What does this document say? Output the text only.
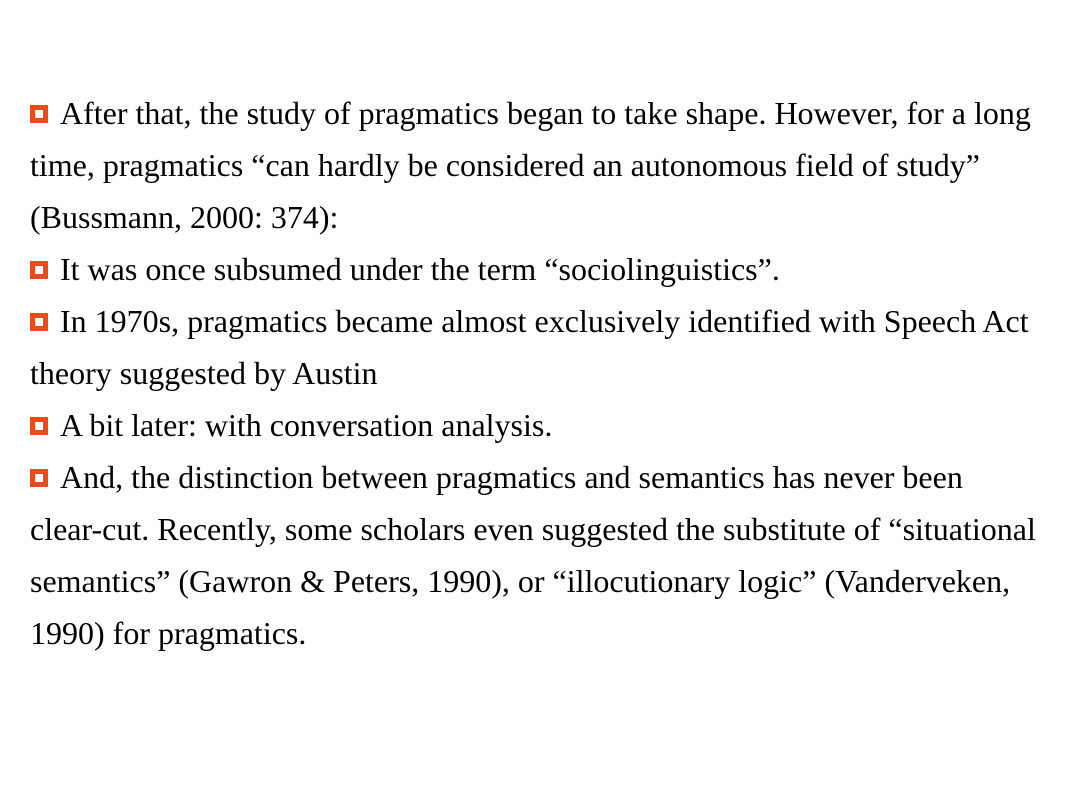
After that, the study of pragmatics began to take shape. However, for a long time, pragmatics “can hardly be considered an autonomous field of study” (Bussmann, 2000: 374):

It was once subsumed under the term “sociolinguistics”.

In 1970s, pragmatics became almost exclusively identified with Speech Act theory suggested by Austin

A bit later: with conversation analysis.

And, the distinction between pragmatics and semantics has never been clear-cut. Recently, some scholars even suggested the substitute of “situational semantics” (Gawron & Peters, 1990), or “illocutionary logic” (Vanderveken, 1990) for pragmatics.
